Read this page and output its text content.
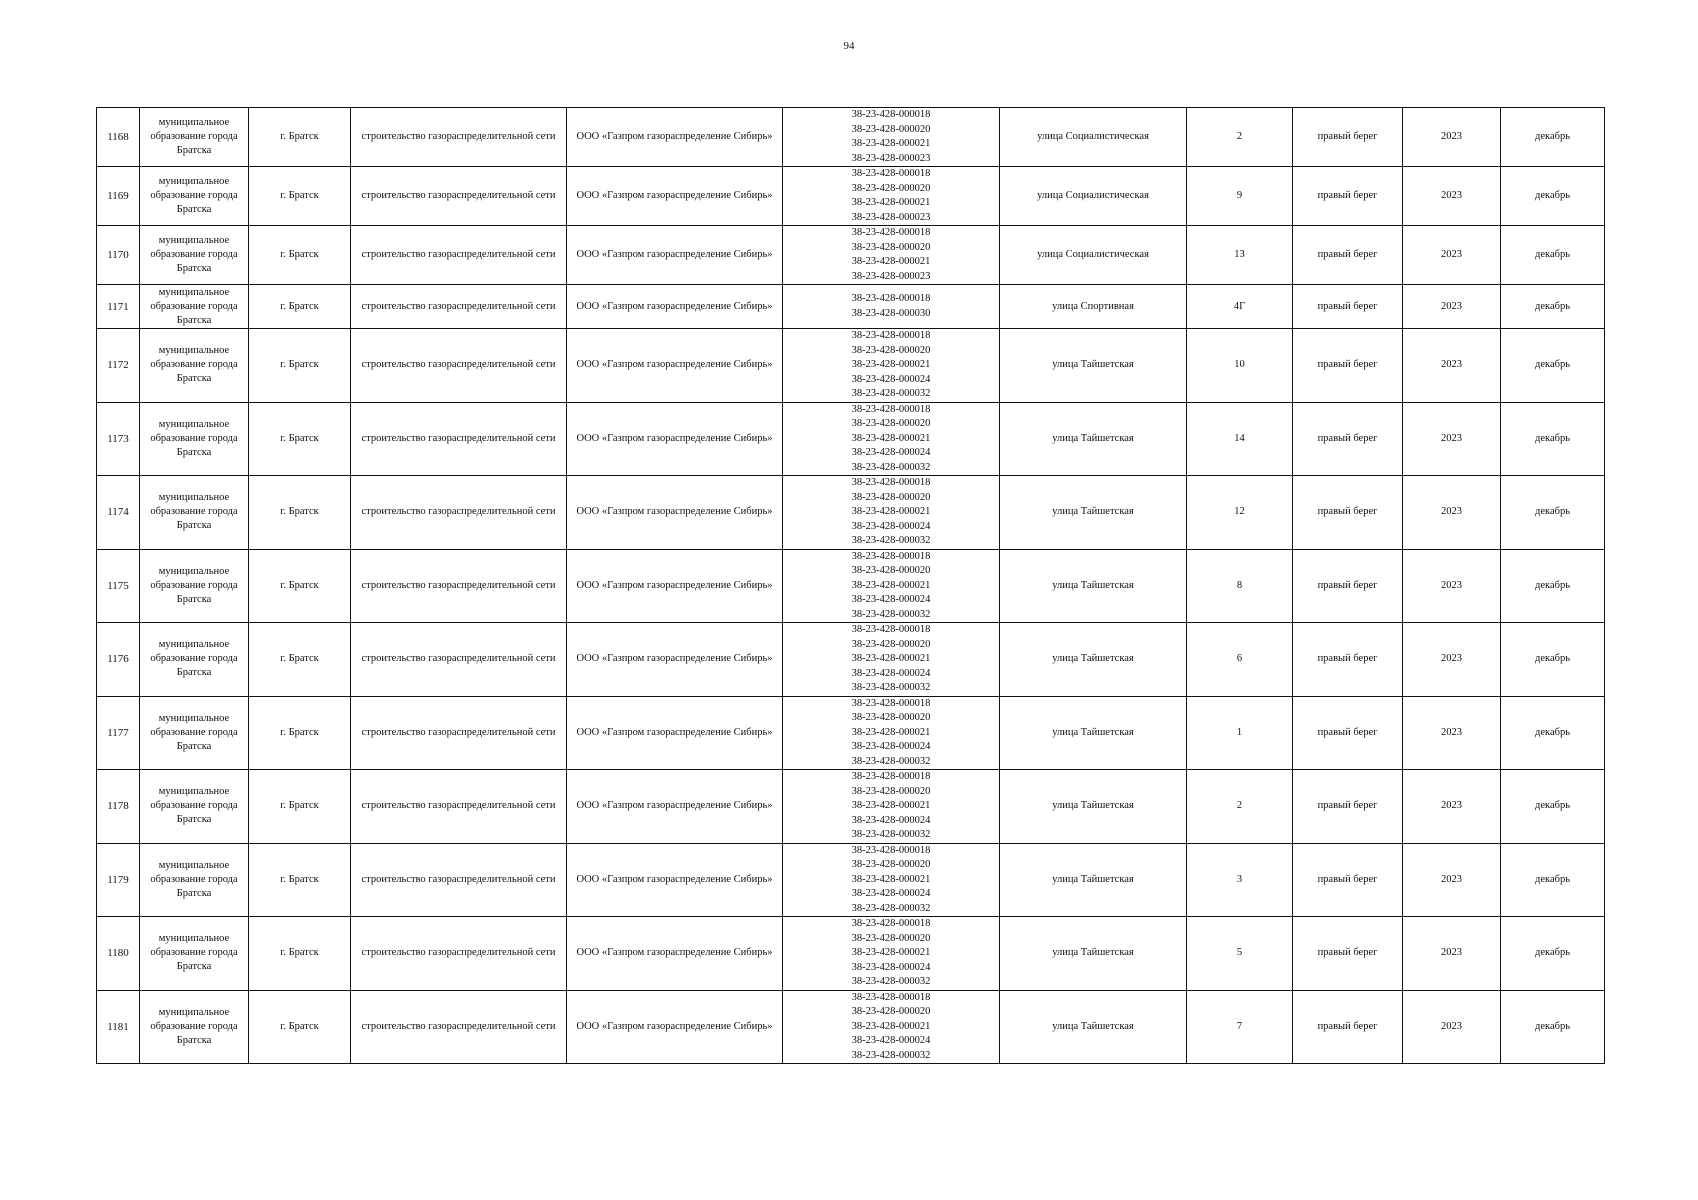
94
1168	муниципальное образование города Братска	г. Братск	строительство газораспределительной сети	ООО «Газпром газораспределение Сибирь»	38-23-428-000018
38-23-428-000020
38-23-428-000021
38-23-428-000023	улица Социалистическая	2	правый берег	2023	декабрь
1169	муниципальное образование города Братска	г. Братск	строительство газораспределительной сети	ООО «Газпром газораспределение Сибирь»	38-23-428-000018
38-23-428-000020
38-23-428-000021
38-23-428-000023	улица Социалистическая	9	правый берег	2023	декабрь
1170	муниципальное образование города Братска	г. Братск	строительство газораспределительной сети	ООО «Газпром газораспределение Сибирь»	38-23-428-000018
38-23-428-000020
38-23-428-000021
38-23-428-000023	улица Социалистическая	13	правый берег	2023	декабрь
1171	муниципальное образование города Братска	г. Братск	строительство газораспределительной сети	ООО «Газпром газораспределение Сибирь»	38-23-428-000018
38-23-428-000030	улица Спортивная	4Г	правый берег	2023	декабрь
1172	муниципальное образование города Братска	г. Братск	строительство газораспределительной сети	ООО «Газпром газораспределение Сибирь»	38-23-428-000018
38-23-428-000020
38-23-428-000021
38-23-428-000024
38-23-428-000032	улица Тайшетская	10	правый берег	2023	декабрь
1173	муниципальное образование города Братска	г. Братск	строительство газораспределительной сети	ООО «Газпром газораспределение Сибирь»	38-23-428-000018
38-23-428-000020
38-23-428-000021
38-23-428-000024
38-23-428-000032	улица Тайшетская	14	правый берег	2023	декабрь
1174	муниципальное образование города Братска	г. Братск	строительство газораспределительной сети	ООО «Газпром газораспределение Сибирь»	38-23-428-000018
38-23-428-000020
38-23-428-000021
38-23-428-000024
38-23-428-000032	улица Тайшетская	12	правый берег	2023	декабрь
1175	муниципальное образование города Братска	г. Братск	строительство газораспределительной сети	ООО «Газпром газораспределение Сибирь»	38-23-428-000018
38-23-428-000020
38-23-428-000021
38-23-428-000024
38-23-428-000032	улица Тайшетская	8	правый берег	2023	декабрь
1176	муниципальное образование города Братска	г. Братск	строительство газораспределительной сети	ООО «Газпром газораспределение Сибирь»	38-23-428-000018
38-23-428-000020
38-23-428-000021
38-23-428-000024
38-23-428-000032	улица Тайшетская	6	правый берег	2023	декабрь
1177	муниципальное образование города Братска	г. Братск	строительство газораспределительной сети	ООО «Газпром газораспределение Сибирь»	38-23-428-000018
38-23-428-000020
38-23-428-000021
38-23-428-000024
38-23-428-000032	улица Тайшетская	1	правый берег	2023	декабрь
1178	муниципальное образование города Братска	г. Братск	строительство газораспределительной сети	ООО «Газпром газораспределение Сибирь»	38-23-428-000018
38-23-428-000020
38-23-428-000021
38-23-428-000024
38-23-428-000032	улица Тайшетская	2	правый берег	2023	декабрь
1179	муниципальное образование города Братска	г. Братск	строительство газораспределительной сети	ООО «Газпром газораспределение Сибирь»	38-23-428-000018
38-23-428-000020
38-23-428-000021
38-23-428-000024
38-23-428-000032	улица Тайшетская	3	правый берег	2023	декабрь
1180	муниципальное образование города Братска	г. Братск	строительство газораспределительной сети	ООО «Газпром газораспределение Сибирь»	38-23-428-000018
38-23-428-000020
38-23-428-000021
38-23-428-000024
38-23-428-000032	улица Тайшетская	5	правый берег	2023	декабрь
1181	муниципальное образование города Братска	г. Братск	строительство газораспределительной сети	ООО «Газпром газораспределение Сибирь»	38-23-428-000018
38-23-428-000020
38-23-428-000021
38-23-428-000024
38-23-428-000032	улица Тайшетская	7	правый берег	2023	декабрь
